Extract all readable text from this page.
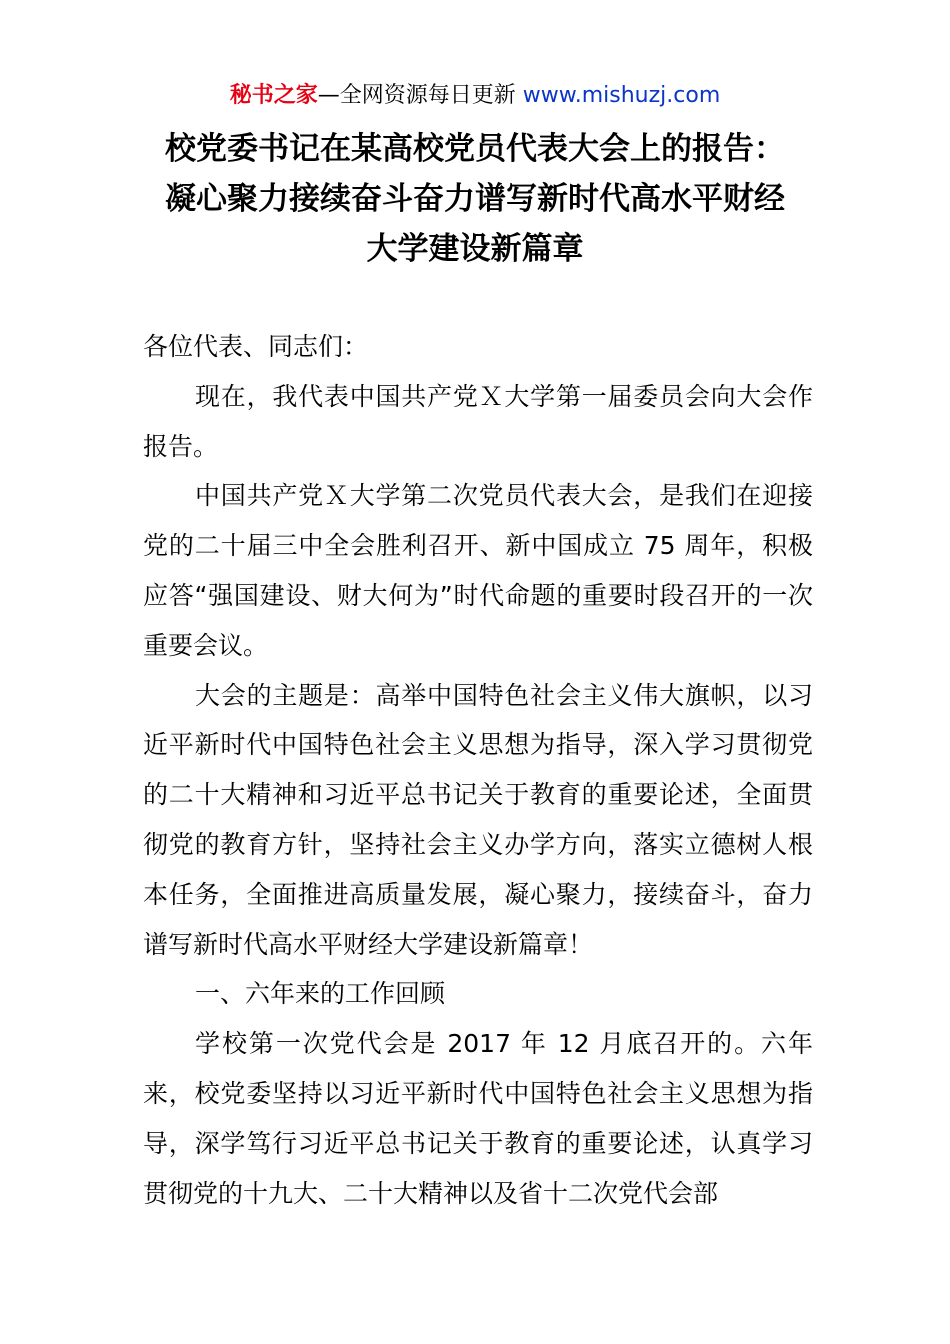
秘书之家—全网资源每日更新 www.mishuzj.com
校党委书记在某高校党员代表大会上的报告：
凝心聚力接续奋斗奋力谱写新时代高水平财经
大学建设新篇章

各位代表、同志们：

现在，我代表中国共产党Ｘ大学第一届委员会向大会作报告。

中国共产党Ｘ大学第二次党员代表大会，是我们在迎接党的二十届三中全会胜利召开、新中国成立 75 周年，积极应答“强国建设、财大何为”时代命题的重要时段召开的一次重要会议。

大会的主题是：高举中国特色社会主义伟大旗帜，以习近平新时代中国特色社会主义思想为指导，深入学习贯彻党的二十大精神和习近平总书记关于教育的重要论述，全面贯彻党的教育方针，坚持社会主义办学方向，落实立德树人根本任务，全面推进高质量发展，凝心聚力，接续奋斗，奋力谱写新时代高水平财经大学建设新篇章！

一、六年来的工作回顾

学校第一次党代会是 2017 年 12 月底召开的。六年来，校党委坚持以习近平新时代中国特色社会主义思想为指导，深学笃行习近平总书记关于教育的重要论述，认真学习贯彻党的十九大、二十大精神以及省十二次党代会部
